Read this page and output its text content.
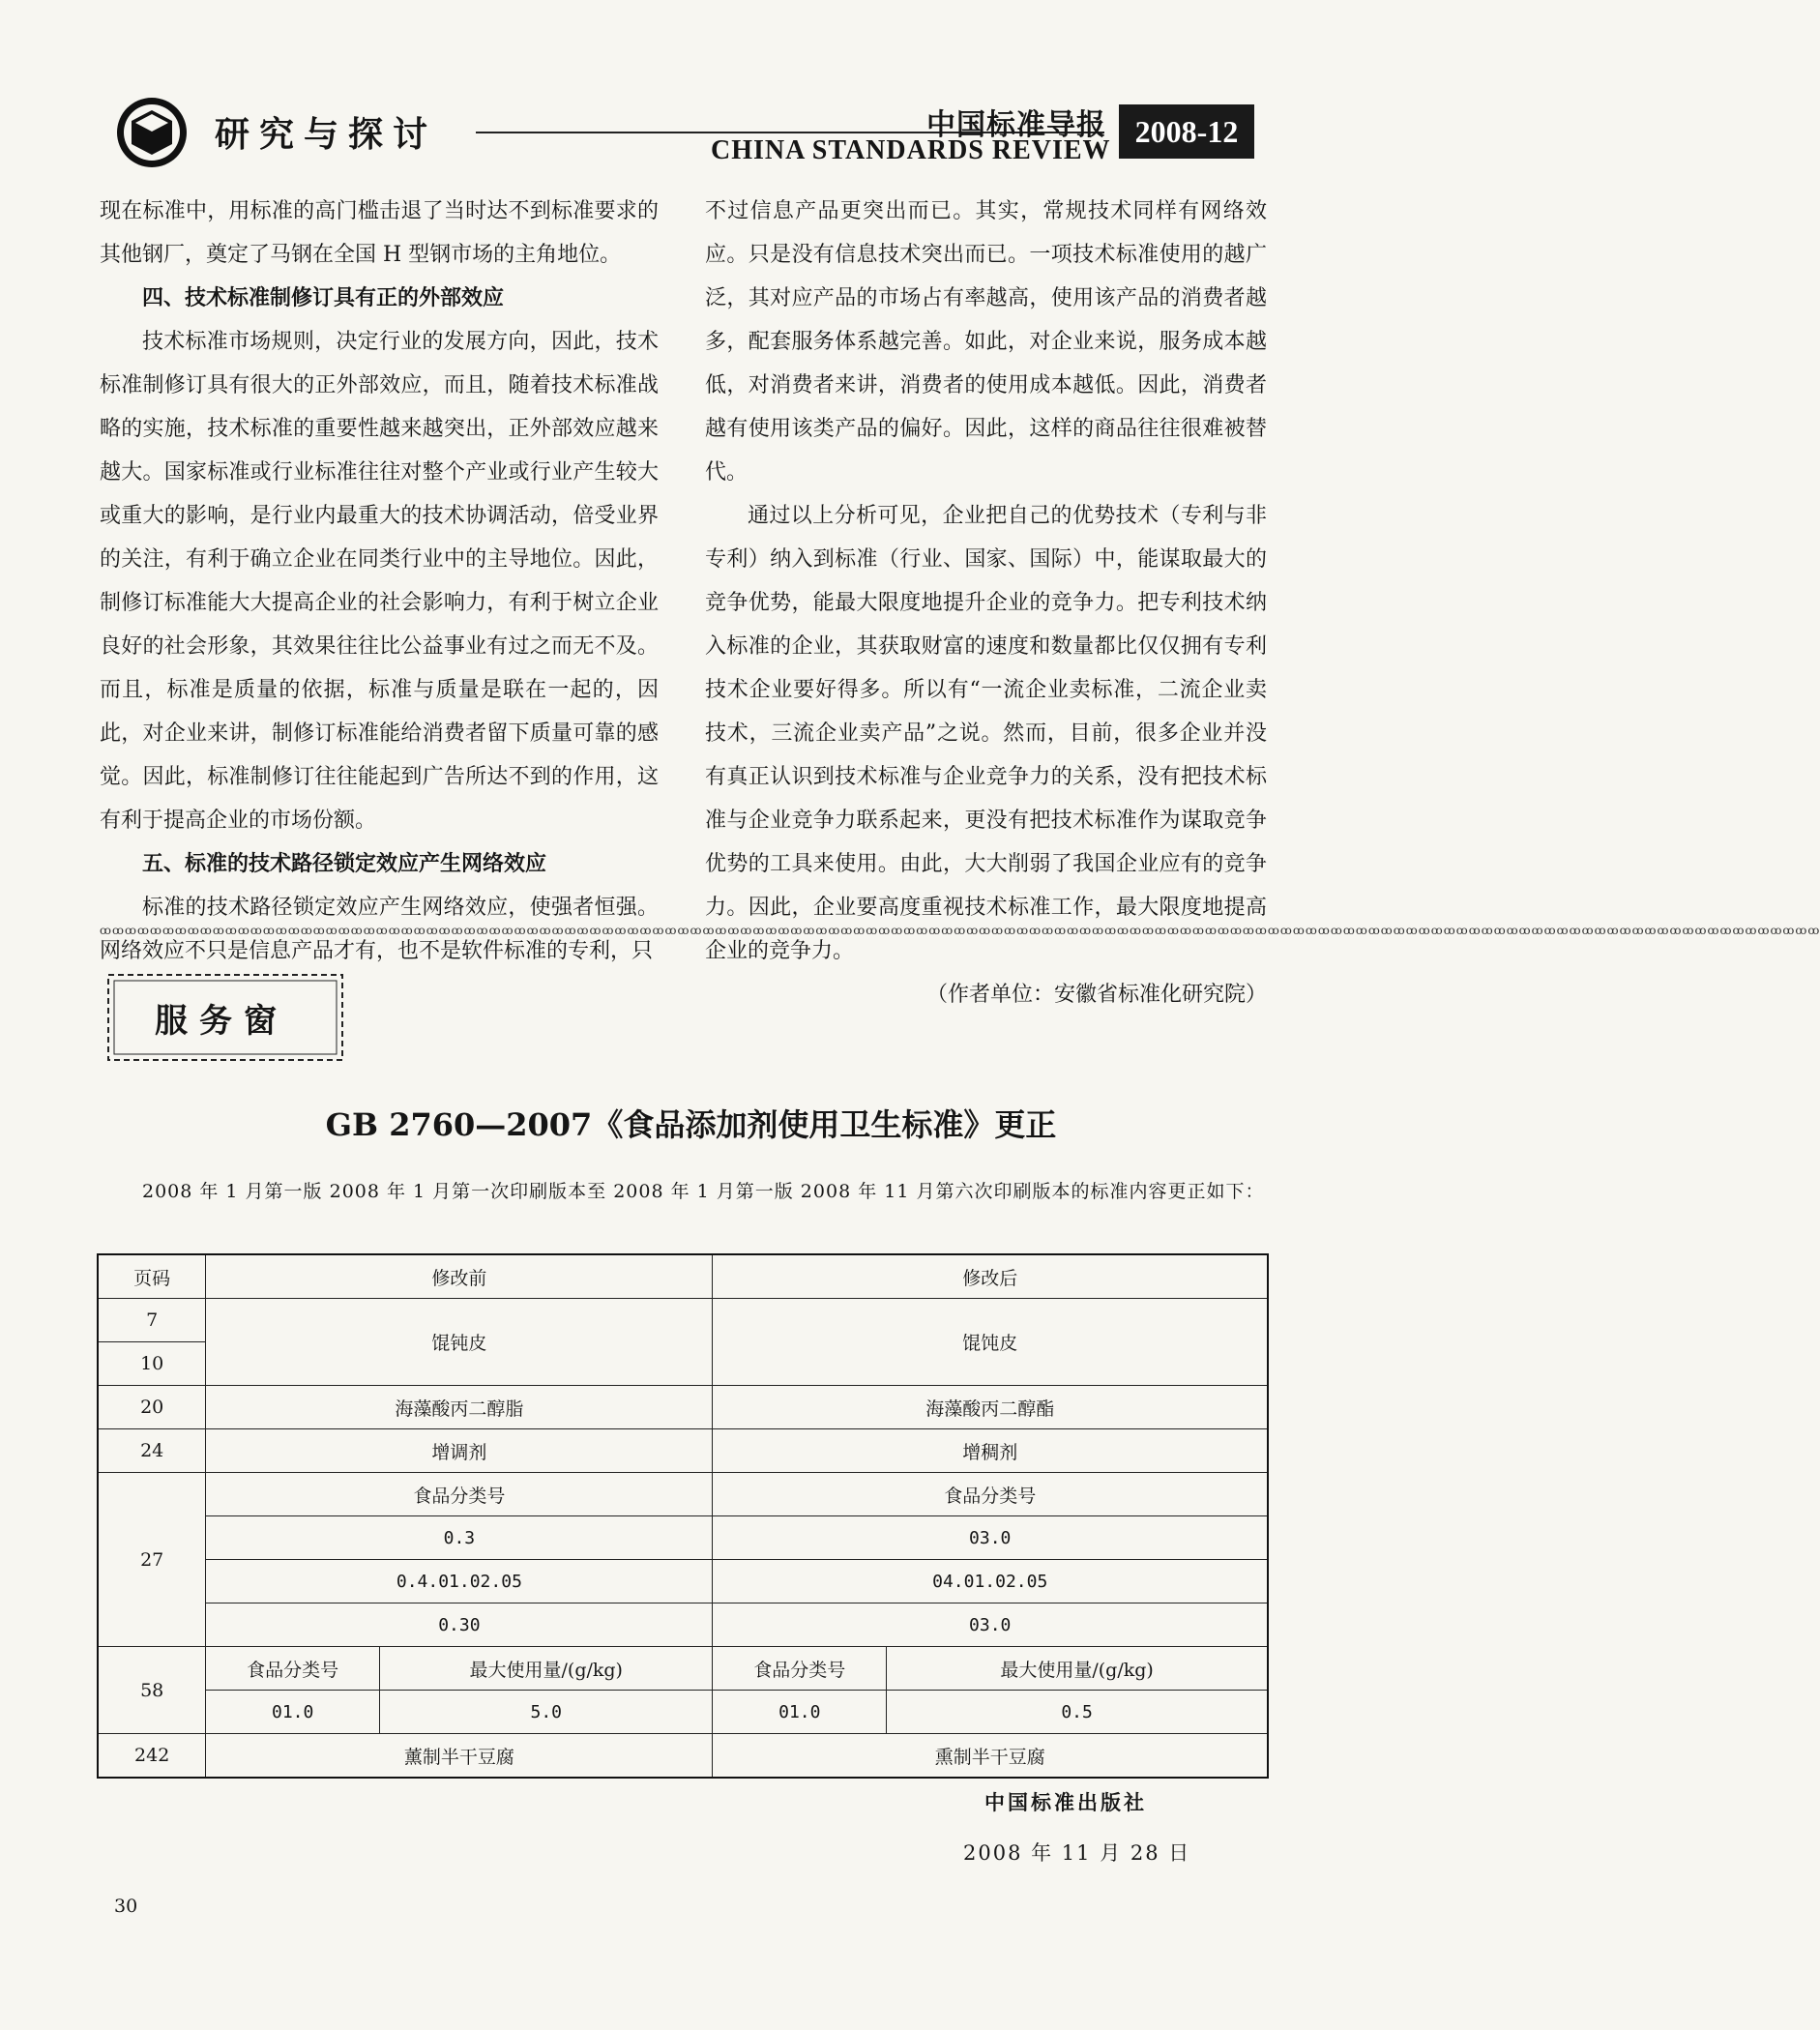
研究与探讨	中国标准导报
CHINA STANDARDS REVIEW
2008-12

现在标准中，用标准的高门槛击退了当时达不到标准要求的其他钢厂，奠定了马钢在全国 H 型钢市场的主角地位。

四、技术标准制修订具有正的外部效应

技术标准市场规则，决定行业的发展方向，因此，技术标准制修订具有很大的正外部效应，而且，随着技术标准战略的实施，技术标准的重要性越来越突出，正外部效应越来越大。国家标准或行业标准往往对整个产业或行业产生较大或重大的影响，是行业内最重大的技术协调活动，倍受业界的关注，有利于确立企业在同类行业中的主导地位。因此，制修订标准能大大提高企业的社会影响力，有利于树立企业良好的社会形象，其效果往往比公益事业有过之而无不及。而且，标准是质量的依据，标准与质量是联在一起的，因此，对企业来讲，制修订标准能给消费者留下质量可靠的感觉。因此，标准制修订往往能起到广告所达不到的作用，这有利于提高企业的市场份额。

五、标准的技术路径锁定效应产生网络效应

标准的技术路径锁定效应产生网络效应，使强者恒强。网络效应不只是信息产品才有，也不是软件标准的专利，只

不过信息产品更突出而已。其实，常规技术同样有网络效应。只是没有信息技术突出而已。一项技术标准使用的越广泛，其对应产品的市场占有率越高，使用该产品的消费者越多，配套服务体系越完善。如此，对企业来说，服务成本越低，对消费者来讲，消费者的使用成本越低。因此，消费者越有使用该类产品的偏好。因此，这样的商品往往很难被替代。

通过以上分析可见，企业把自己的优势技术（专利与非专利）纳入到标准（行业、国家、国际）中，能谋取最大的竞争优势，能最大限度地提升企业的竞争力。把专利技术纳入标准的企业，其获取财富的速度和数量都比仅仅拥有专利技术企业要好得多。所以有“一流企业卖标准，二流企业卖技术，三流企业卖产品”之说。然而，目前，很多企业并没有真正认识到技术标准与企业竞争力的关系，没有把技术标准与企业竞争力联系起来，更没有把技术标准作为谋取竞争优势的工具来使用。由此，大大削弱了我国企业应有的竞争力。因此，企业要高度重视技术标准工作，最大限度地提高企业的竞争力。

（作者单位：安徽省标准化研究院）
ꝏꝏꝏꝏꝏꝏꝏꝏꝏꝏꝏꝏꝏꝏꝏꝏꝏꝏꝏꝏꝏꝏꝏꝏꝏꝏꝏꝏꝏꝏꝏꝏꝏꝏꝏꝏꝏꝏꝏꝏꝏꝏꝏꝏꝏꝏꝏꝏꝏꝏꝏꝏꝏꝏꝏꝏꝏꝏꝏꝏꝏꝏꝏꝏꝏꝏꝏꝏꝏꝏꝏꝏꝏꝏꝏꝏꝏꝏꝏꝏꝏꝏꝏꝏꝏꝏꝏꝏꝏꝏꝏꝏꝏꝏꝏꝏꝏꝏꝏꝏꝏꝏꝏꝏꝏꝏꝏꝏꝏꝏꝏꝏꝏꝏꝏꝏꝏꝏꝏꝏꝏꝏꝏꝏꝏꝏꝏꝏꝏꝏꝏꝏꝏꝏꝏꝏꝏ
服务窗
GB 2760—2007《食品添加剂使用卫生标准》更正
2008 年 1 月第一版 2008 年 1 月第一次印刷版本至 2008 年 1 月第一版 2008 年 11 月第六次印刷版本的标准内容更正如下：
页码	修改前		修改后	
7	馄钝皮		馄饨皮	
10				
20	海藻酸丙二醇脂		海藻酸丙二醇酯	
24	增调剂		增稠剂	
27	食品分类号		食品分类号	
	0.3		03.0	
	0.4.01.02.05		04.01.02.05	
	0.30		03.0	
58	食品分类号	最大使用量/(g/kg)	食品分类号	最大使用量/(g/kg)
	01.0	5.0	01.0	0.5
242	薰制半干豆腐		熏制半干豆腐	
中国标准出版社
2008 年 11 月 28 日
30
